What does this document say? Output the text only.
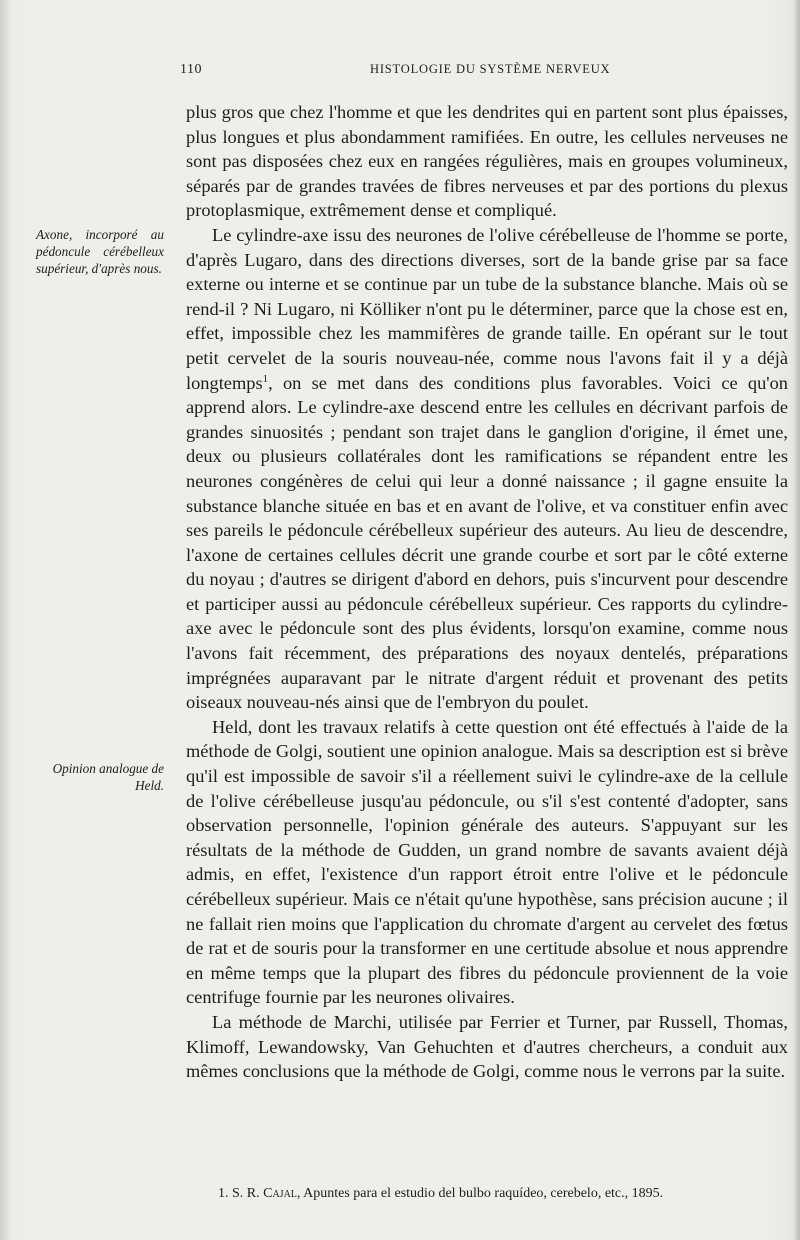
110	HISTOLOGIE DU SYSTÈME NERVEUX
Axone, incorporé au pédoncule cérébelleux supérieur, d'après nous.
Opinion analogue de Held.

plus gros que chez l'homme et que les dendrites qui en partent sont plus épaisses, plus longues et plus abondamment ramifiées. En outre, les cellules nerveuses ne sont pas disposées chez eux en rangées régulières, mais en groupes volumineux, séparés par de grandes travées de fibres nerveuses et par des portions du plexus protoplasmique, extrêmement dense et compliqué.

Le cylindre-axe issu des neurones de l'olive cérébelleuse de l'homme se porte, d'après Lugaro, dans des directions diverses, sort de la bande grise par sa face externe ou interne et se continue par un tube de la substance blanche. Mais où se rend-il ? Ni Lugaro, ni Kölliker n'ont pu le déterminer, parce que la chose est en, effet, impossible chez les mammifères de grande taille. En opérant sur le tout petit cervelet de la souris nouveau-née, comme nous l'avons fait il y a déjà longtemps$^1$, on se met dans des conditions plus favorables. Voici ce qu'on apprend alors. Le cylindre-axe descend entre les cellules en décrivant parfois de grandes sinuosités ; pendant son trajet dans le ganglion d'origine, il émet une, deux ou plusieurs collatérales dont les ramifications se répandent entre les neurones congénères de celui qui leur a donné naissance ; il gagne ensuite la substance blanche située en bas et en avant de l'olive, et va constituer enfin avec ses pareils le pédoncule cérébelleux supérieur des auteurs. Au lieu de descendre, l'axone de certaines cellules décrit une grande courbe et sort par le côté externe du noyau ; d'autres se dirigent d'abord en dehors, puis s'incurvent pour descendre et participer aussi au pédoncule cérébelleux supérieur. Ces rapports du cylindre-axe avec le pédoncule sont des plus évidents, lorsqu'on examine, comme nous l'avons fait récemment, des préparations des noyaux dentelés, préparations imprégnées auparavant par le nitrate d'argent réduit et provenant des petits oiseaux nouveau-nés ainsi que de l'embryon du poulet.

Held, dont les travaux relatifs à cette question ont été effectués à l'aide de la méthode de Golgi, soutient une opinion analogue. Mais sa description est si brève qu'il est impossible de savoir s'il a réellement suivi le cylindre-axe de la cellule de l'olive cérébelleuse jusqu'au pédoncule, ou s'il s'est contenté d'adopter, sans observation personnelle, l'opinion générale des auteurs. S'appuyant sur les résultats de la méthode de Gudden, un grand nombre de savants avaient déjà admis, en effet, l'existence d'un rapport étroit entre l'olive et le pédoncule cérébelleux supérieur. Mais ce n'était qu'une hypothèse, sans précision aucune ; il ne fallait rien moins que l'application du chromate d'argent au cervelet des fœtus de rat et de souris pour la transformer en une certitude absolue et nous apprendre en même temps que la plupart des fibres du pédoncule proviennent de la voie centrifuge fournie par les neurones olivaires.

La méthode de Marchi, utilisée par Ferrier et Turner, par Russell, Thomas, Klimoff, Lewandowsky, Van Gehuchten et d'autres chercheurs, a conduit aux mêmes conclusions que la méthode de Golgi, comme nous le verrons par la suite.

1. S. R. Cajal, Apuntes para el estudio del bulbo raquídeo, cerebelo, etc., 1895.
